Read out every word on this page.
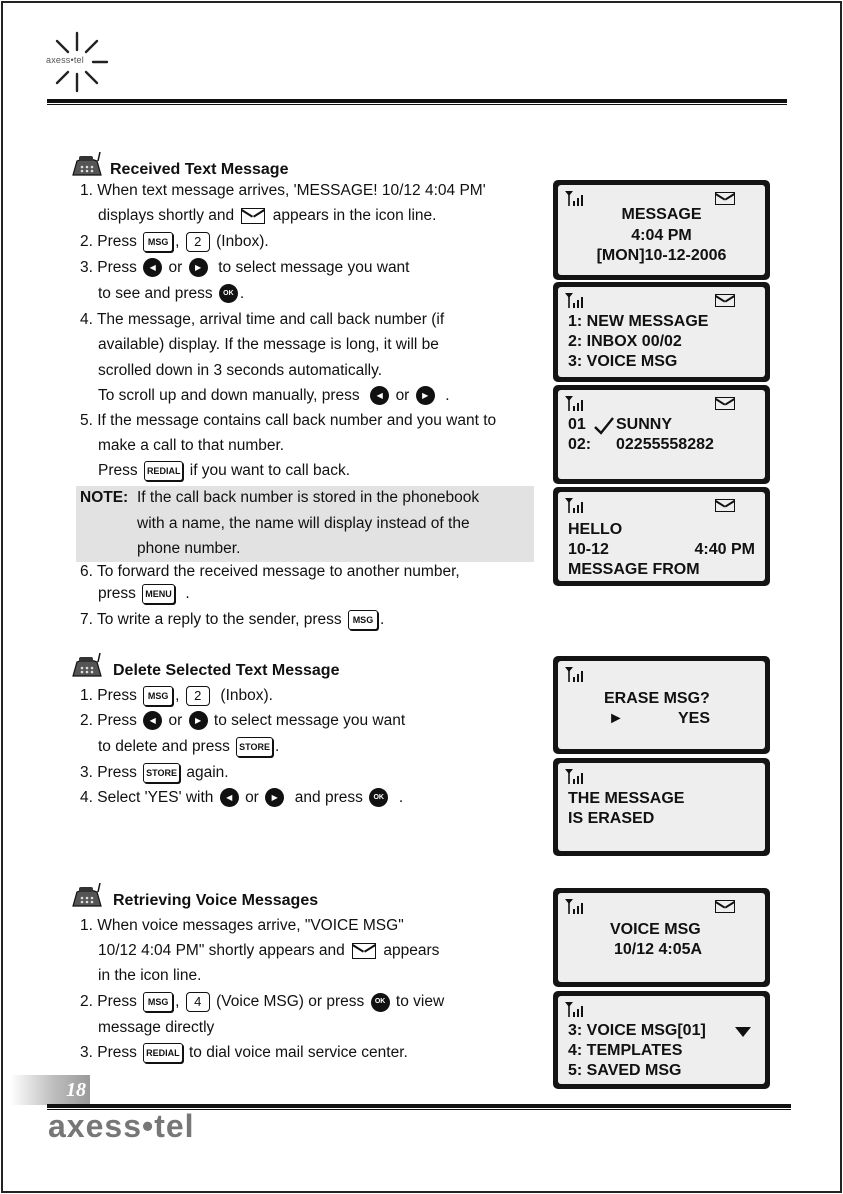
axess•tel
Received Text Message
1. When text message arrives, 'MESSAGE! 10/12 4:04 PM'
displays shortly and appears in the icon line.
2. Press MSG , 2 (Inbox).
3. Press ◀ or ▶ to select message you want
to see and press OK .
4. The message, arrival time and call back number (if
available) display. If the message is long, it will be
scrolled down in 3 seconds automatically.
To scroll up and down manually, press ◀ or ▶ .
5. If the message contains call back number and you want to
make a call to that number.
Press REDIAL if you want to call back.
NOTE: If the call back number is stored in the phonebook
with a name, the name will display instead of the
phone number.
6. To forward the received message to another number,
press MENU .
7. To write a reply to the sender, press MSG .
Delete Selected Text Message
1. Press MSG , 2 (Inbox).
2. Press ◀ or ▶ to select message you want
to delete and press STORE .
3. Press STORE again.
4. Select 'YES' with ◀ or ▶ and press OK .
Retrieving Voice Messages
1. When voice messages arrive, "VOICE MSG"
10/12 4:04 PM" shortly appears and appears
in the icon line.
2. Press MSG , 4 (Voice MSG) or press OK to view
message directly
3. Press REDIAL to dial voice mail service center.
MESSAGE
4:04 PM
[MON]10-12-2006
1: NEW MESSAGE
2: INBOX 00/02
3: VOICE MSG
01 SUNNY
02: 02255558282
HELLO
10-12	4:40 PM
MESSAGE FROM
ERASE MSG?
►	YES
THE MESSAGE
IS ERASED
VOICE MSG
10/12 4:05A
3: VOICE MSG[01]
4: TEMPLATES
5: SAVED MSG
18
axess•tel
